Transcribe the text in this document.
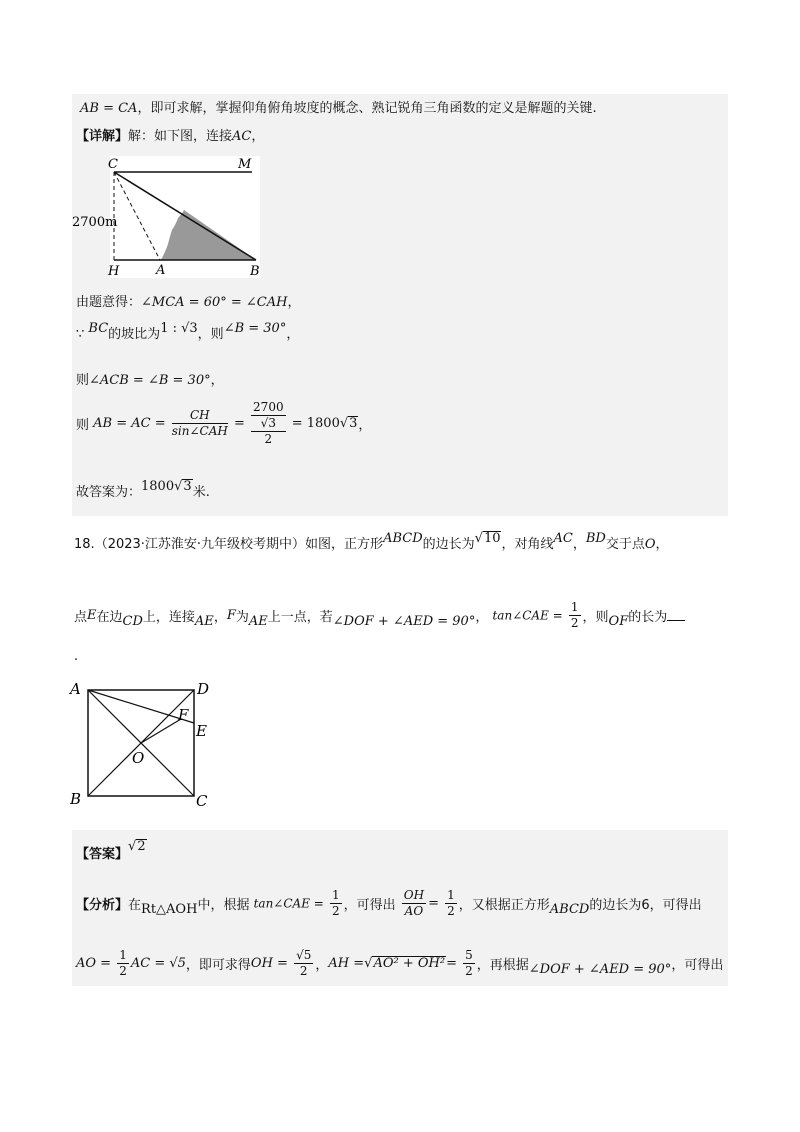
AB = CA，即可求解，掌握仰角俯角坡度的概念、熟记锐角三角函数的定义是解题的关键.
【详解】解：如下图，连接AC，
C	M
H	A	B
2700m
由题意得：∠MCA = 60° = ∠CAH，
∵ BC的坡比为1 : √3，则∠B = 30°，
则∠ACB = ∠B = 30°，
则 AB = AC = $\frac{CH}{\text{sin∠CAH}}$ =
2700
√3
2
= 1800√3，
故答案为：1800√3米.
18.（2023·江苏淮安·九年级校考期中）如图，正方形ABCD的边长为√10，对角线AC，BD交于点O，
点E在边CD上，连接AE，F为AE上一点，若∠DOF + ∠AED = 90°， tan∠CAE = $\frac{1}{2}$ ，则OF的长为
.
A	D
F
E
O
B	C
【答案】√2
【分析】在Rt△AOH中，根据 tan∠CAE = $\frac{1}{2}$ ，可得出 $\frac{OH}{AO} = \frac{1}{2}$ ，又根据正方形ABCD的边长为6，可得出
AO = $\frac{1}{2}$ AC = √5，即可求得OH = $\frac{√5}{2}$ ，AH $=√AO^2 + OH^2= \frac{5}{2}$ ，再根据∠DOF + ∠AED = 90°，可得出
